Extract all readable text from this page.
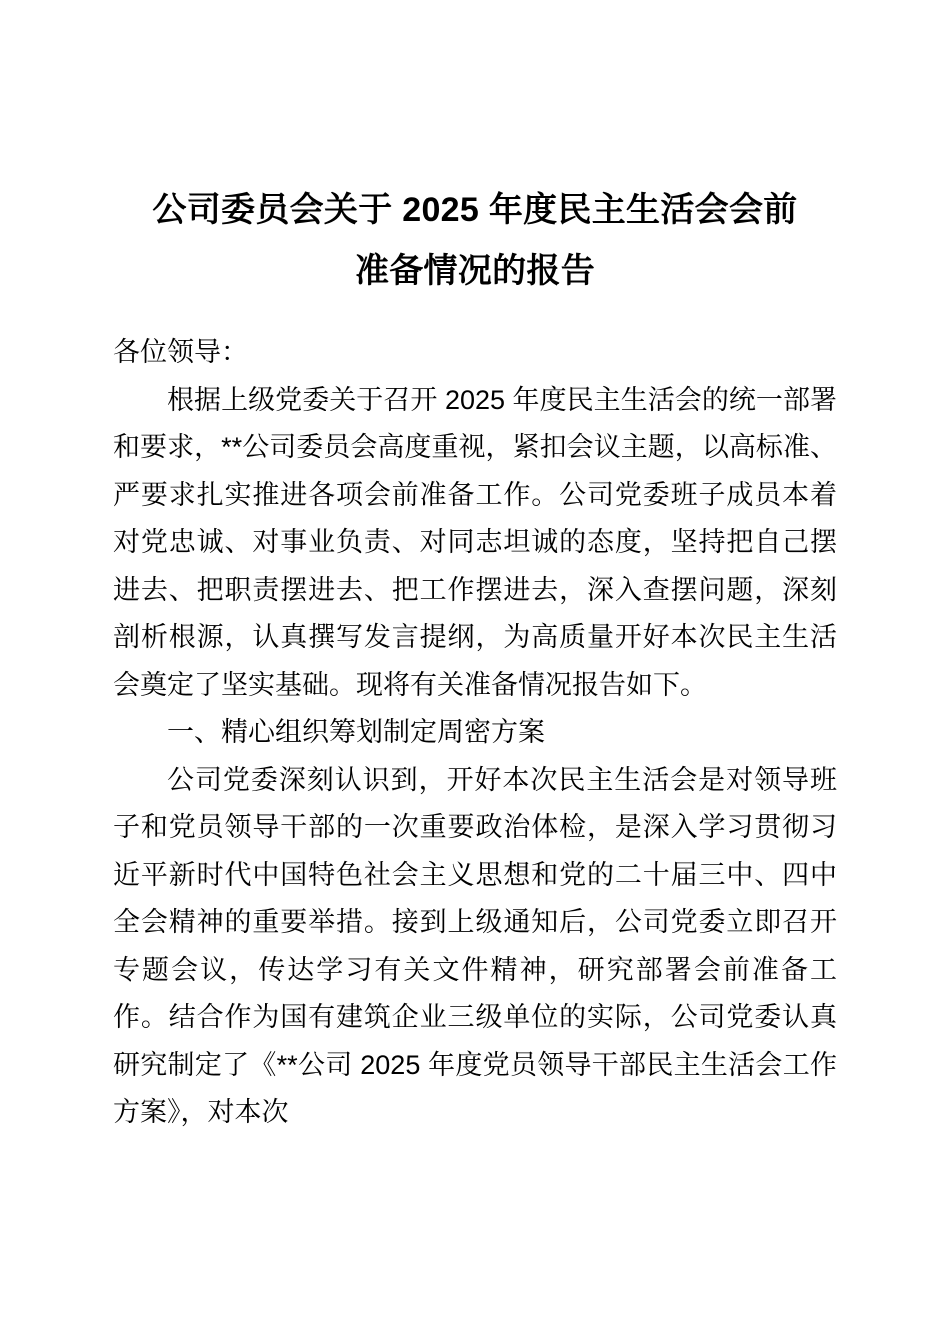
公司委员会关于 2025 年度民主生活会会前
准备情况的报告

各位领导：

根据上级党委关于召开 2025 年度民主生活会的统一部署和要求，**公司委员会高度重视，紧扣会议主题，以高标准、严要求扎实推进各项会前准备工作。公司党委班子成员本着对党忠诚、对事业负责、对同志坦诚的态度，坚持把自己摆进去、把职责摆进去、把工作摆进去，深入查摆问题，深刻剖析根源，认真撰写发言提纲，为高质量开好本次民主生活会奠定了坚实基础。现将有关准备情况报告如下。

一、精心组织筹划制定周密方案

公司党委深刻认识到，开好本次民主生活会是对领导班子和党员领导干部的一次重要政治体检，是深入学习贯彻习近平新时代中国特色社会主义思想和党的二十届三中、四中全会精神的重要举措。接到上级通知后，公司党委立即召开专题会议，传达学习有关文件精神，研究部署会前准备工作。结合作为国有建筑企业三级单位的实际，公司党委认真研究制定了《**公司 2025 年度党员领导干部民主生活会工作方案》，对本次
